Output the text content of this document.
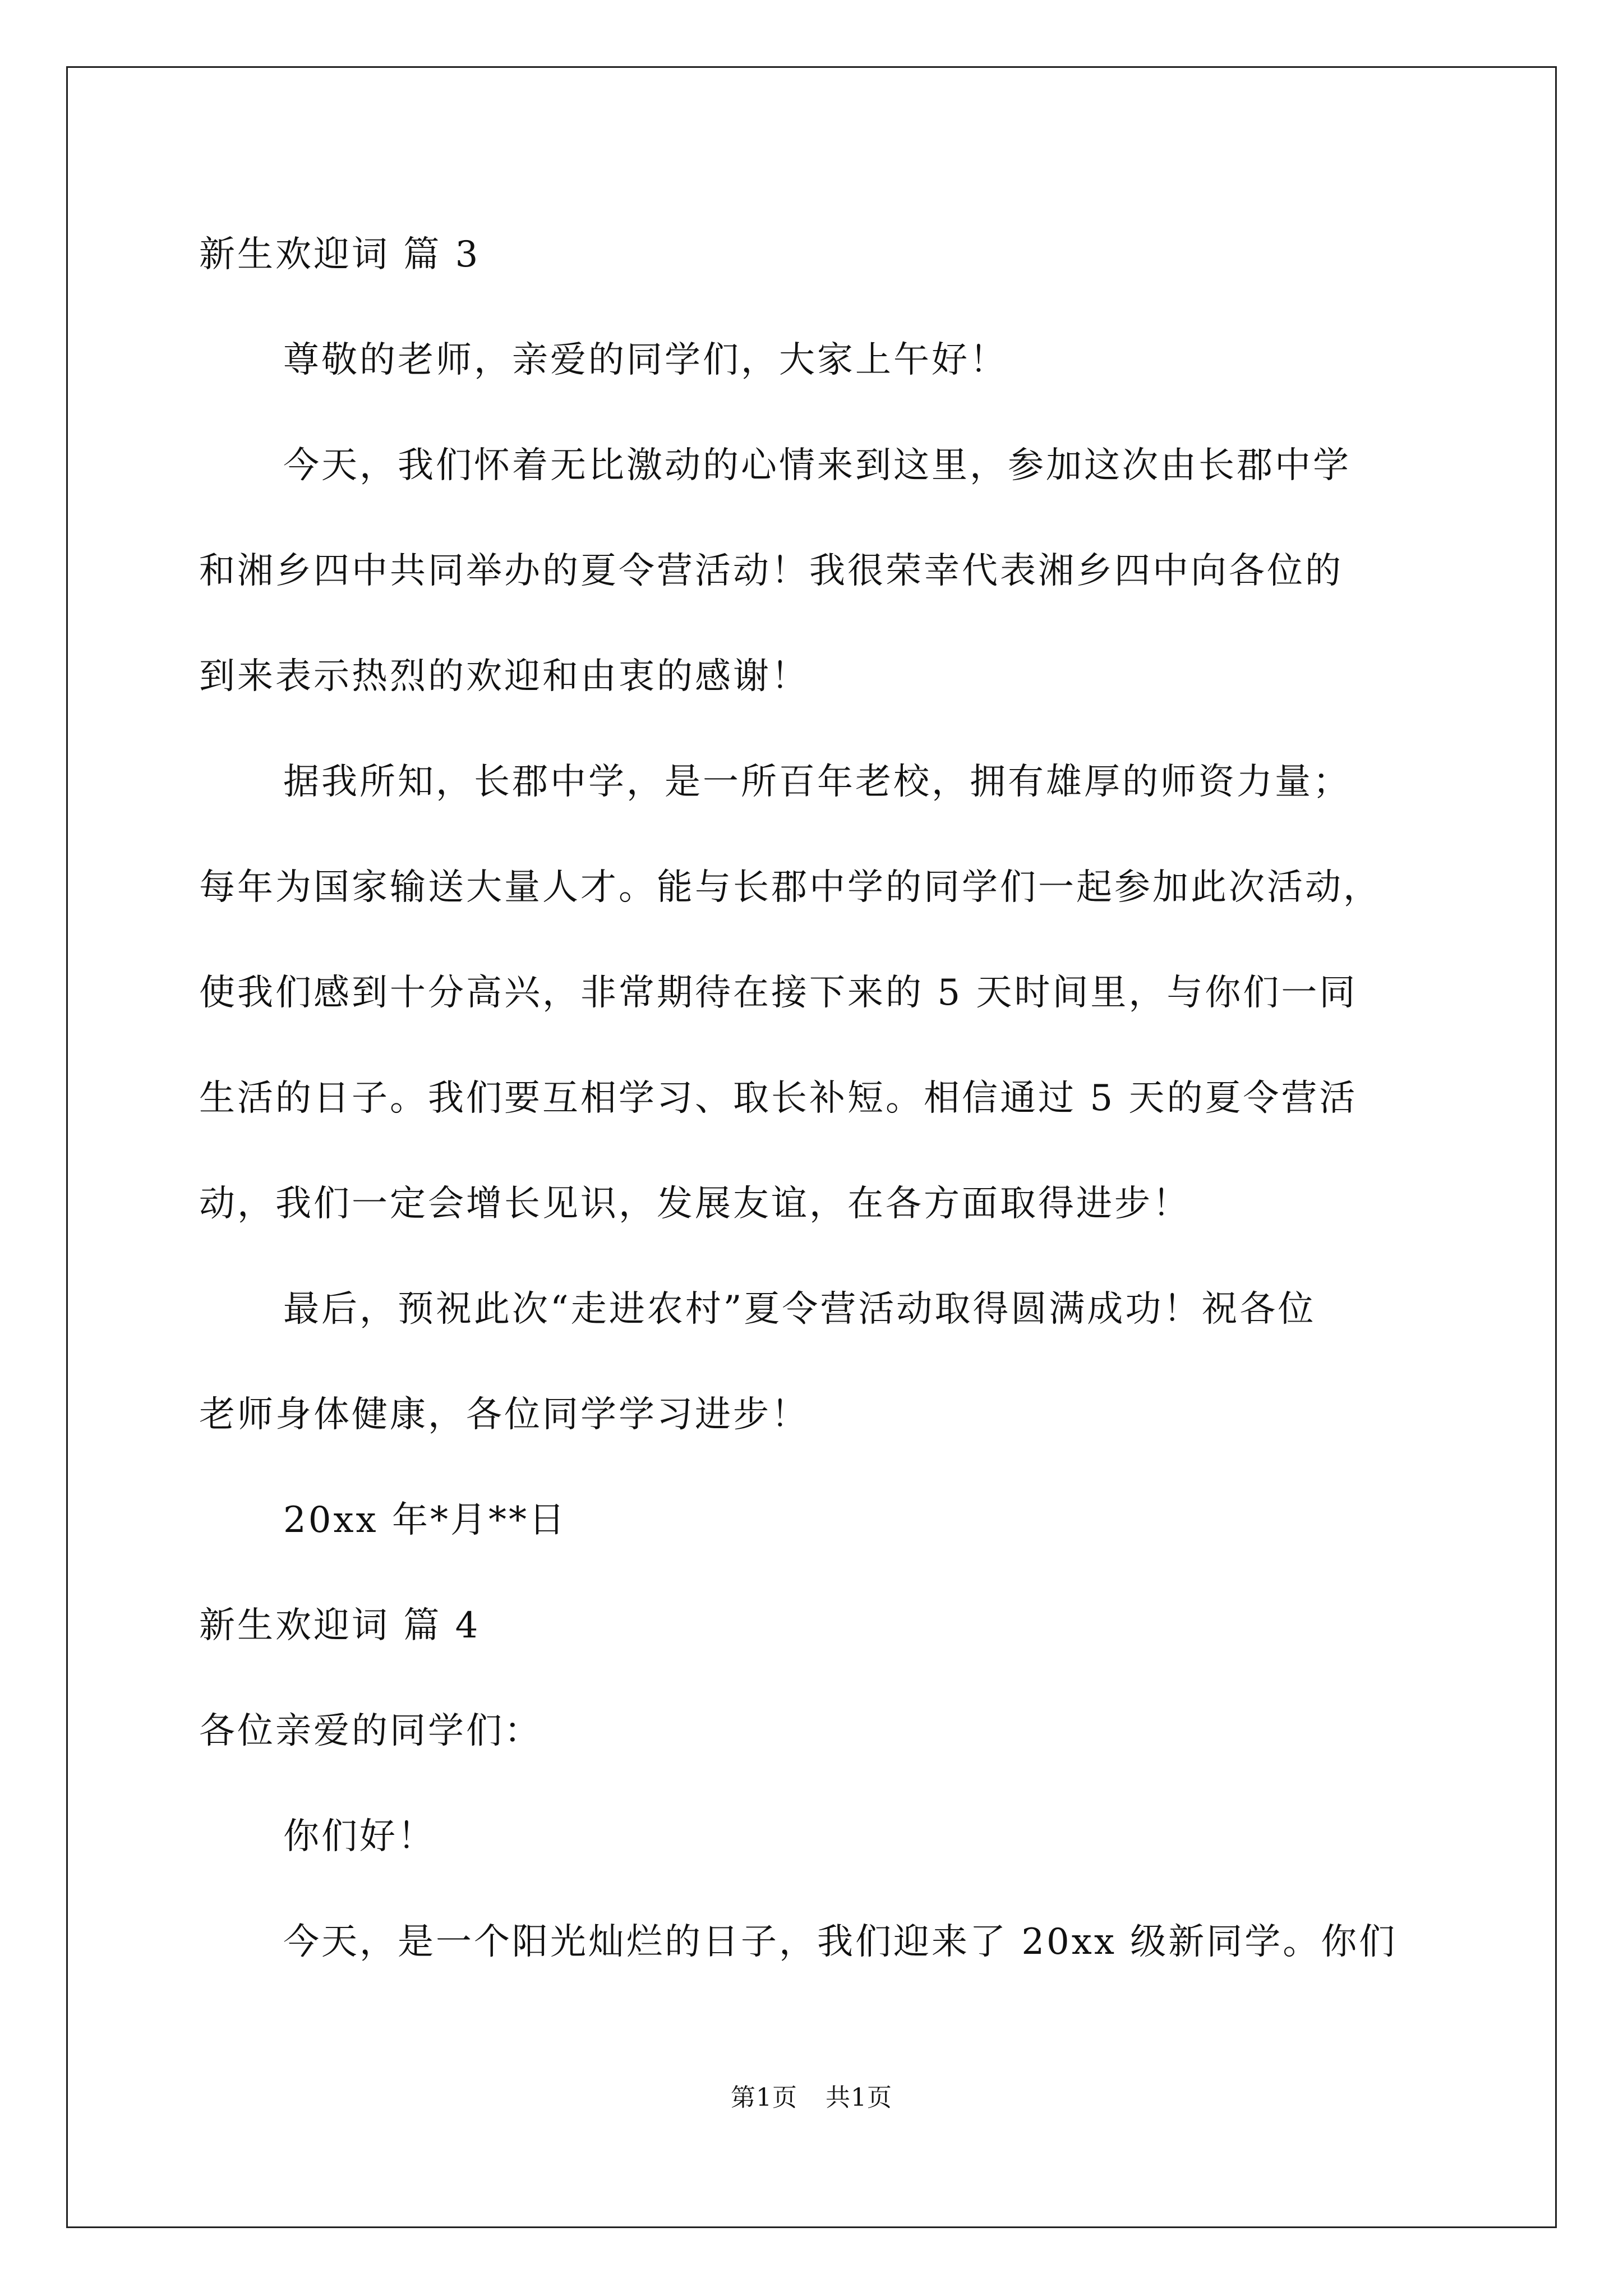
新生欢迎词 篇 3
尊敬的老师，亲爱的同学们，大家上午好！
今天，我们怀着无比激动的心情来到这里，参加这次由长郡中学
和湘乡四中共同举办的夏令营活动！我很荣幸代表湘乡四中向各位的
到来表示热烈的欢迎和由衷的感谢！
据我所知，长郡中学，是一所百年老校，拥有雄厚的师资力量；
每年为国家输送大量人才。能与长郡中学的同学们一起参加此次活动，
使我们感到十分高兴，非常期待在接下来的 5 天时间里，与你们一同
生活的日子。我们要互相学习、取长补短。相信通过 5 天的夏令营活
动，我们一定会增长见识，发展友谊，在各方面取得进步！
最后，预祝此次“走进农村”夏令营活动取得圆满成功！祝各位
老师身体健康，各位同学学习进步！
20xx 年*月**日
新生欢迎词 篇 4
各位亲爱的同学们：
你们好！
今天，是一个阳光灿烂的日子，我们迎来了 20xx 级新同学。你们
第1页 共1页
